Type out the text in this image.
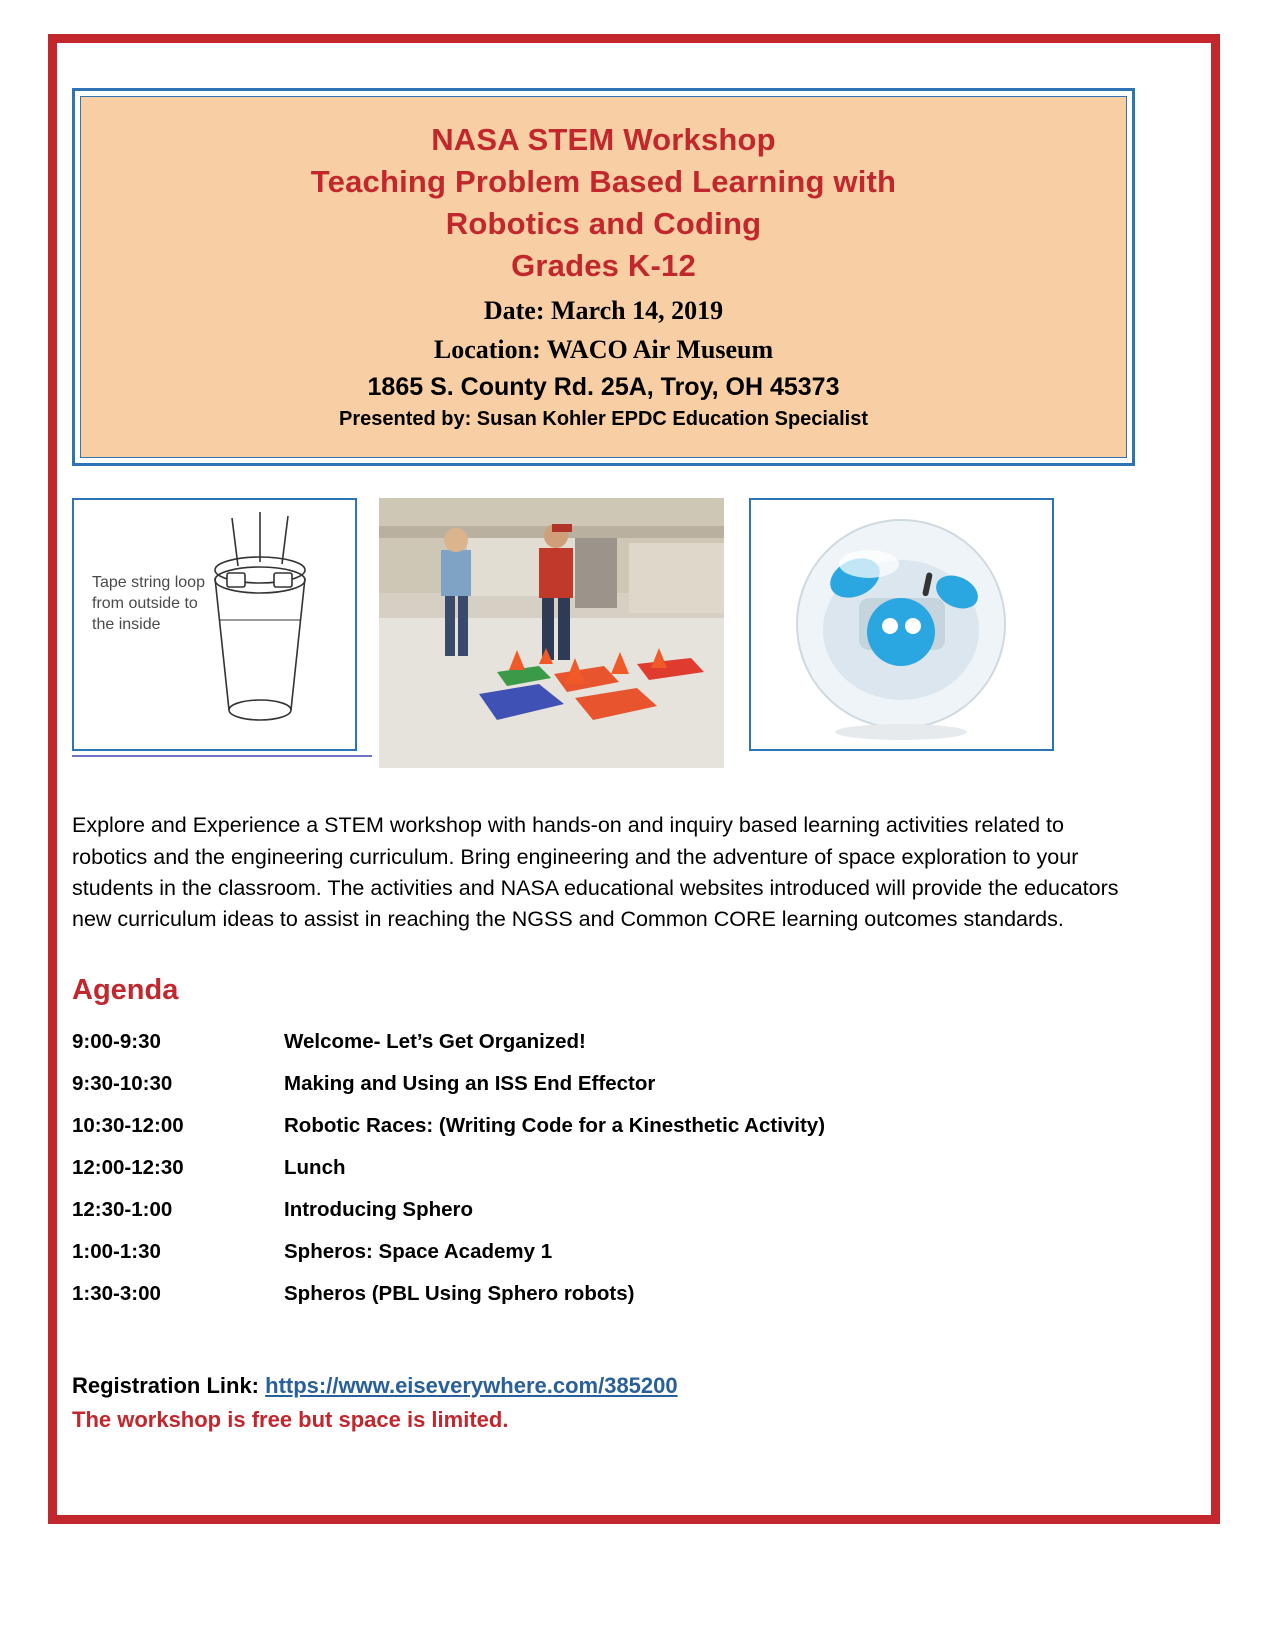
NASA STEM Workshop
Teaching Problem Based Learning with
Robotics and Coding
Grades K-12
Date: March 14, 2019
Location: WACO Air Museum
1865 S. County Rd. 25A, Troy, OH 45373
Presented by: Susan Kohler EPDC Education Specialist
Tape string loop from outside to the inside
Explore and Experience a STEM workshop with hands-on and inquiry based learning activities related to robotics and the engineering curriculum. Bring engineering and the adventure of space exploration to your students in the classroom. The activities and NASA educational websites introduced will provide the educators new curriculum ideas to assist in reaching the NGSS and Common CORE learning outcomes standards.
Agenda
9:00-9:30	Welcome- Let’s Get Organized!
9:30-10:30	Making and Using an ISS End Effector
10:30-12:00	Robotic Races: (Writing Code for a Kinesthetic Activity)
12:00-12:30	Lunch
12:30-1:00	Introducing Sphero
1:00-1:30	Spheros: Space Academy 1
1:30-3:00	Spheros (PBL Using Sphero robots)
Registration Link: https://www.eiseverywhere.com/385200
The workshop is free but space is limited.
